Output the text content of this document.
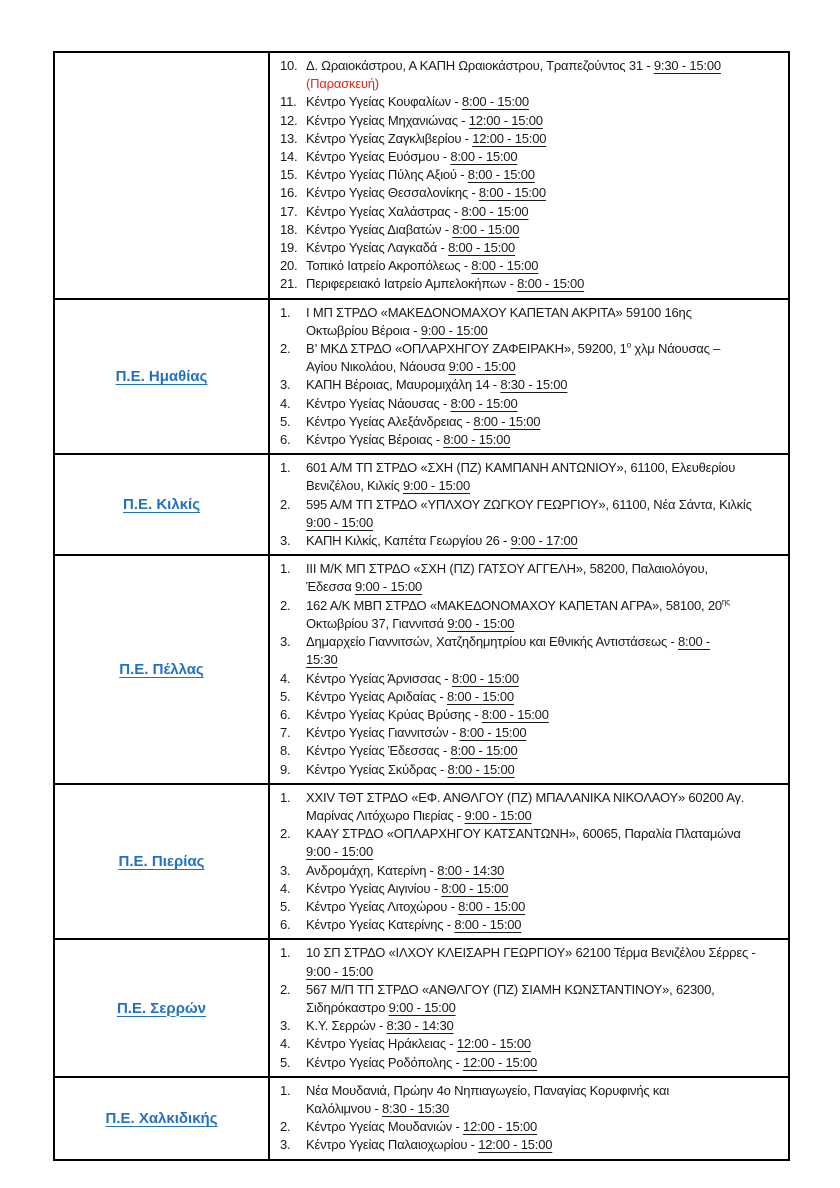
10. Δ. Ωραιοκάστρου, Α ΚΑΠΗ Ωραιοκάστρου, Τραπεζούντος 31 - 9:30 - 15:00
(Παρασκευή)
11. Κέντρο Υγείας Κουφαλίων - 8:00 - 15:00
12. Κέντρο Υγείας Μηχανιώνας - 12:00 - 15:00
13. Κέντρο Υγείας Ζαγκλιβερίου - 12:00 - 15:00
14. Κέντρο Υγείας Ευόσμου - 8:00 - 15:00
15. Κέντρο Υγείας Πύλης Αξιού - 8:00 - 15:00
16. Κέντρο Υγείας Θεσσαλονίκης - 8:00 - 15:00
17. Κέντρο Υγείας Χαλάστρας - 8:00 - 15:00
18. Κέντρο Υγείας Διαβατών - 8:00 - 15:00
19. Κέντρο Υγείας Λαγκαδά - 8:00 - 15:00
20. Τοπικό Ιατρείο Ακροπόλεως - 8:00 - 15:00
21. Περιφερειακό Ιατρείο Αμπελοκήπων - 8:00 - 15:00
Π.Ε. Ημαθίας
1.	Ι ΜΠ ΣΤΡΔΟ «ΜΑΚΕΔΟΝΟΜΑΧΟΥ ΚΑΠΕΤΑΝ ΑΚΡΙΤΑ» 59100 16ης
Οκτωβρίου Βέροια - 9:00 - 15:00
2.	Β’ ΜΚΔ ΣΤΡΔΟ «ΟΠΛΑΡΧΗΓΟΥ ΖΑΦΕΙΡΑΚΗ», 59200, $1^o$ χλμ Νάουσας –
Αγίου Νικολάου, Νάουσα 9:00 - 15:00
3.	ΚΑΠΗ Βέροιας, Μαυρομιχάλη 14 - 8:30 - 15:00
4.	Κέντρο Υγείας Νάουσας - 8:00 - 15:00
5.	Κέντρο Υγείας Αλεξάνδρειας - 8:00 - 15:00
6.	Κέντρο Υγείας Βέροιας - 8:00 - 15:00
Π.Ε. Κιλκίς
1.	601 Α/Μ ΤΠ ΣΤΡΔΟ «ΣΧΗ (ΠΖ) ΚΑΜΠΑΝΗ ΑΝΤΩΝΙΟΥ», 61100, Ελευθερίου
Βενιζέλου, Κιλκίς 9:00 - 15:00
2.	595 Α/Μ ΤΠ ΣΤΡΔΟ «ΥΠΛΧΟΥ ΖΩΓΚΟΥ ΓΕΩΡΓΙΟΥ», 61100, Νέα Σάντα, Κιλκίς
9:00 - 15:00
3.	ΚΑΠΗ Κιλκίς, Καπέτα Γεωργίου 26 - 9:00 - 17:00
Π.Ε. Πέλλας
1.	ΙΙΙ Μ/Κ ΜΠ ΣΤΡΔΟ «ΣΧΗ (ΠΖ) ΓΑΤΣΟΥ ΑΓΓΕΛΗ», 58200, Παλαιολόγου,
Έδεσσα 9:00 - 15:00
2.	162 Α/Κ ΜΒΠ ΣΤΡΔΟ «ΜΑΚΕΔΟΝΟΜΑΧΟΥ ΚΑΠΕΤΑΝ ΑΓΡΑ», 58100, $20^{\eta\varsigma}$
Οκτωβρίου 37, Γιαννιτσά 9:00 - 15:00
3.	Δημαρχείο Γιαννιτσών, Χατζηδημητρίου και Εθνικής Αντιστάσεως - 8:00 -
15:30
4.	Κέντρο Υγείας Άρνισσας - 8:00 - 15:00
5.	Κέντρο Υγείας Αριδαίας - 8:00 - 15:00
6.	Κέντρο Υγείας Κρύας Βρύσης - 8:00 - 15:00
7.	Κέντρο Υγείας Γιαννιτσών - 8:00 - 15:00
8.	Κέντρο Υγείας Έδεσσας - 8:00 - 15:00
9.	Κέντρο Υγείας Σκύδρας - 8:00 - 15:00
Π.Ε. Πιερίας
1.	XXIV ΤΘΤ ΣΤΡΔΟ «ΕΦ. ΑΝΘΛΓΟΥ (ΠΖ) ΜΠΑΛΑΝΙΚΑ ΝΙΚΟΛΑΟΥ» 60200 Αγ.
Μαρίνας Λιτόχωρο Πιερίας - 9:00 - 15:00
2.	ΚΑΑΥ ΣΤΡΔΟ «ΟΠΛΑΡΧΗΓΟΥ ΚΑΤΣΑΝΤΩΝΗ», 60065, Παραλία Πλαταμώνα
9:00 - 15:00
3.	Ανδρομάχη, Κατερίνη - 8:00 - 14:30
4.	Κέντρο Υγείας Αιγινίου - 8:00 - 15:00
5.	Κέντρο Υγείας Λιτοχώρου - 8:00 - 15:00
6.	Κέντρο Υγείας Κατερίνης - 8:00 - 15:00
Π.Ε. Σερρών
1.	10 ΣΠ ΣΤΡΔΟ «ΙΛΧΟΥ ΚΛΕΙΣΑΡΗ ΓΕΩΡΓΙΟΥ» 62100 Τέρμα Βενιζέλου Σέρρες -
9:00 - 15:00
2.	567 Μ/Π ΤΠ ΣΤΡΔΟ «ΑΝΘΛΓΟΥ (ΠΖ) ΣΙΑΜΗ ΚΩΝΣΤΑΝΤΙΝΟΥ», 62300,
Σιδηρόκαστρο 9:00 - 15:00
3.	Κ.Υ. Σερρών - 8:30 - 14:30
4.	Κέντρο Υγείας Ηράκλειας - 12:00 - 15:00
5.	Κέντρο Υγείας Ροδόπολης - 12:00 - 15:00
Π.Ε. Χαλκιδικής
1.	Νέα Μουδανιά, Πρώην 4ο Νηπιαγωγείο, Παναγίας Κορυφινής και
Καλόλιμνου - 8:30 - 15:30
2.	Κέντρο Υγείας Μουδανιών - 12:00 - 15:00
3.	Κέντρο Υγείας Παλαιοχωρίου - 12:00 - 15:00
